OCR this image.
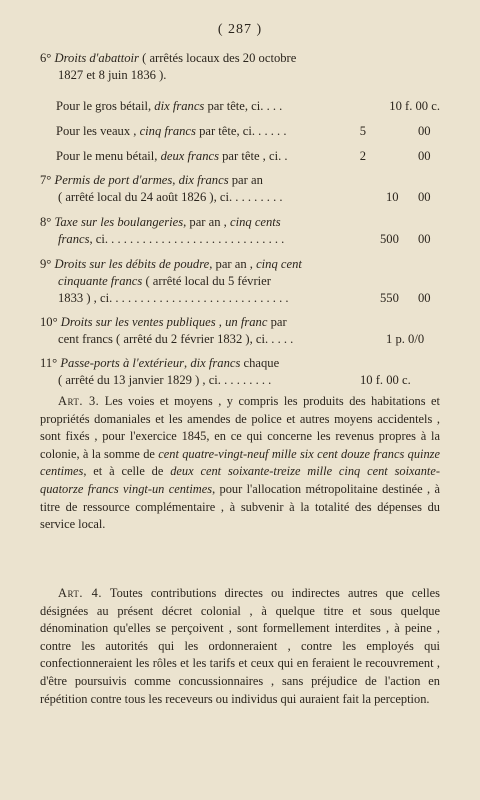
( 287 )
6° Droits d'abattoir ( arrêtés locaux des 20 octobre
1827 et 8 juin 1836 ).
Pour le gros bétail, dix francs par tête, ci. . . .	10 f. 00 c.
Pour les veaux , cinq francs par tête, ci. . . . . .	5	00
Pour le menu bétail, deux francs par tête , ci. .	2	00
7° Permis de port d'armes, dix francs par an
( arrêté local du 24 août 1826 ), ci. . . . . . . . .	10 00
8° Taxe sur les boulangeries, par an , cinq cents
francs, ci. . . . . . . . . . . . . . . . . . . . . . . . . . . . .	500 00
9° Droits sur les débits de poudre, par an , cinq cent
cinquante francs ( arrêté local du 5 février
1833 ) , ci. . . . . . . . . . . . . . . . . . . . . . . . . . . . .	550 00
10° Droits sur les ventes publiques , un franc par
cent francs ( arrêté du 2 février 1832 ), ci. . . . .	1 p. 0/0
11° Passe-ports à l'extérieur, dix francs chaque
( arrêté du 13 janvier 1829 ) , ci. . . . . . . . .	10 f. 00 c.
Art. 3. Les voies et moyens , y compris les produits des habitations et propriétés domaniales et les amendes de police et autres moyens accidentels , sont fixés , pour l'exercice 1845, en ce qui concerne les revenus propres à la colonie, à la somme de cent quatre-vingt-neuf mille six cent douze francs quinze centimes, et à celle de deux cent soixante-treize mille cinq cent soixante-quatorze francs vingt-un centimes, pour l'allocation métropolitaine destinée , à titre de ressource complémentaire , à subvenir à la totalité des dépenses du service local.
Art. 4. Toutes contributions directes ou indirectes autres que celles désignées au présent décret colonial , à quelque titre et sous quelque dénomination qu'elles se perçoivent , sont formellement interdites , à peine , contre les autorités qui les ordonneraient , contre les employés qui confectionneraient les rôles et les tarifs et ceux qui en feraient le recouvrement , d'être poursuivis comme concussionnaires , sans préjudice de l'action en répétition contre tous les receveurs ou individus qui auraient fait la perception.
